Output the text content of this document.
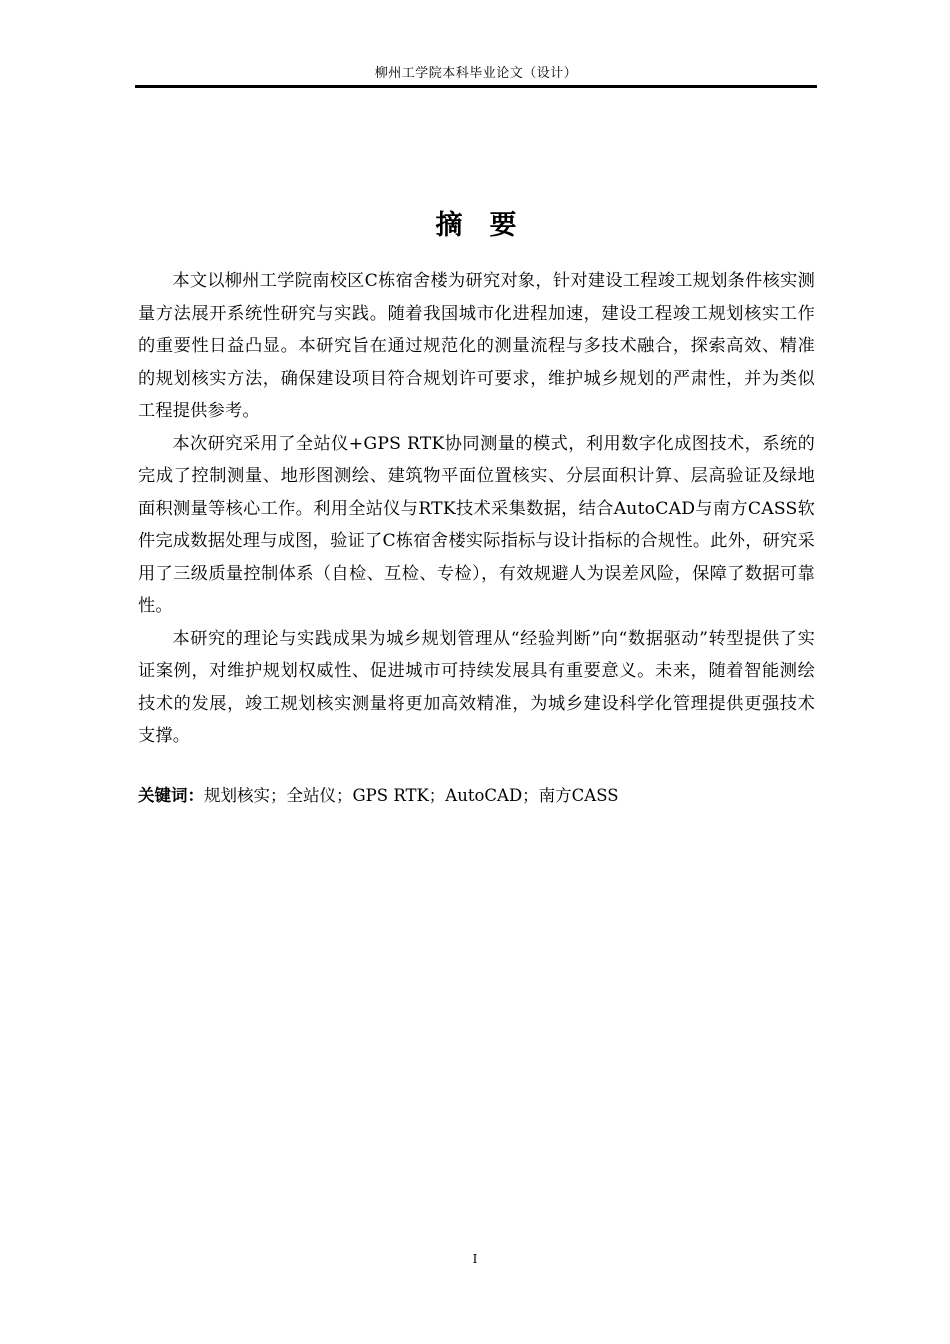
柳州工学院本科毕业论文（设计）
摘　要

本文以柳州工学院南校区C栋宿舍楼为研究对象，针对建设工程竣工规划条件核实测量方法展开系统性研究与实践。随着我国城市化进程加速，建设工程竣工规划核实工作的重要性日益凸显。本研究旨在通过规范化的测量流程与多技术融合，探索高效、精准的规划核实方法，确保建设项目符合规划许可要求，维护城乡规划的严肃性，并为类似工程提供参考。

本次研究采用了全站仪+GPS RTK协同测量的模式，利用数字化成图技术，系统的完成了控制测量、地形图测绘、建筑物平面位置核实、分层面积计算、层高验证及绿地面积测量等核心工作。利用全站仪与RTK技术采集数据，结合AutoCAD与南方CASS软件完成数据处理与成图，验证了C栋宿舍楼实际指标与设计指标的合规性。此外，研究采用了三级质量控制体系（自检、互检、专检），有效规避人为误差风险，保障了数据可靠性。

本研究的理论与实践成果为城乡规划管理从“经验判断”向“数据驱动”转型提供了实证案例，对维护规划权威性、促进城市可持续发展具有重要意义。未来，随着智能测绘技术的发展，竣工规划核实测量将更加高效精准，为城乡建设科学化管理提供更强技术支撑。

关键词：规划核实；全站仪；GPS RTK；AutoCAD；南方CASS
I
